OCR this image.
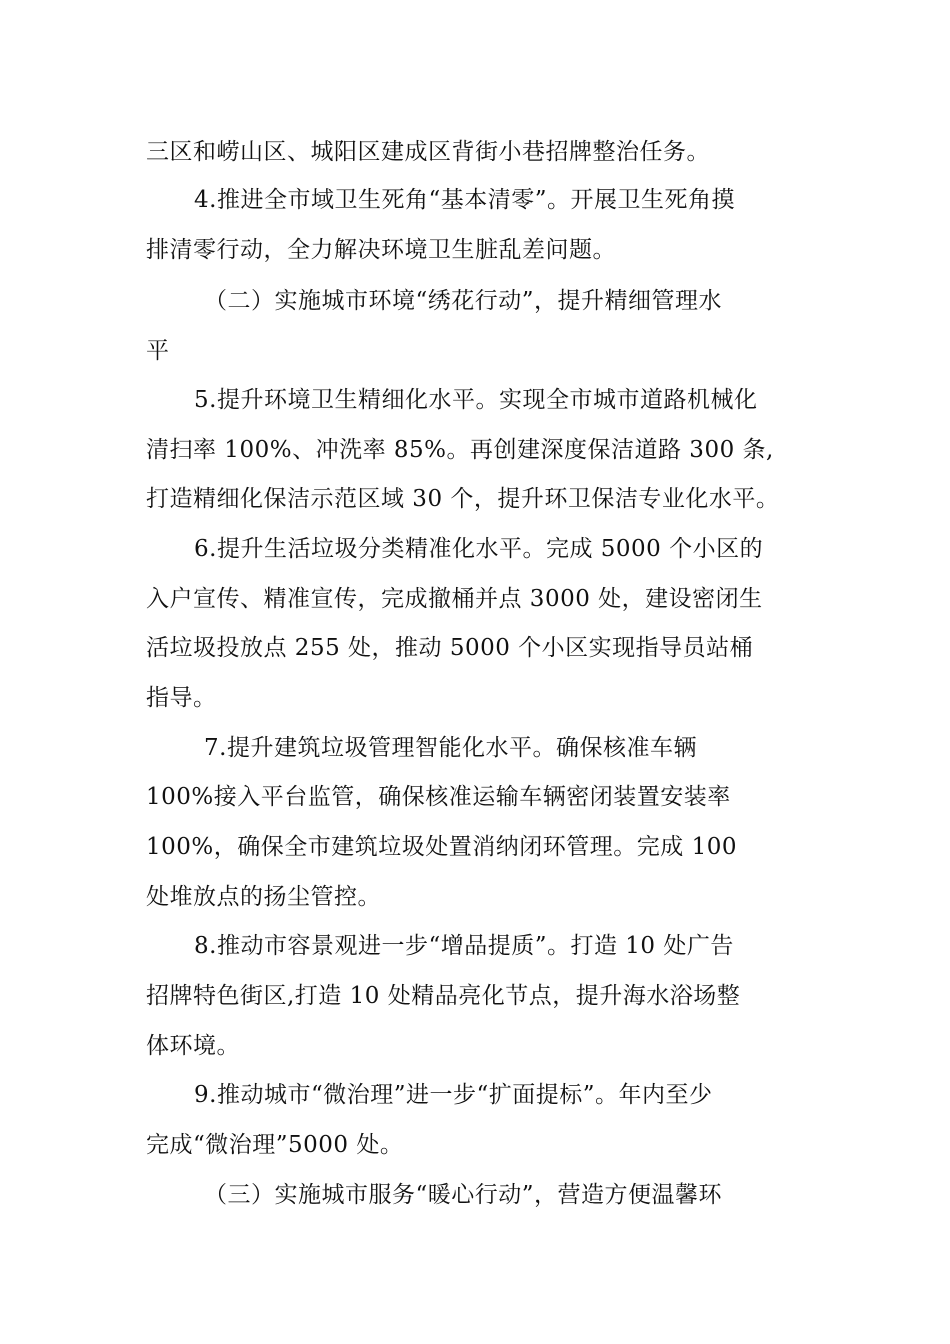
三区和崂山区、城阳区建成区背街小巷招牌整治任务。
4.推进全市域卫生死角“基本清零”。开展卫生死角摸
排清零行动，全力解决环境卫生脏乱差问题。
（二）实施城市环境“绣花行动”，提升精细管理水
平
5.提升环境卫生精细化水平。实现全市城市道路机械化
清扫率 100%、冲洗率 85%。再创建深度保洁道路 300 条,
打造精细化保洁示范区域 30 个，提升环卫保洁专业化水平。
6.提升生活垃圾分类精准化水平。完成 5000 个小区的
入户宣传、精准宣传，完成撤桶并点 3000 处，建设密闭生
活垃圾投放点 255 处，推动 5000 个小区实现指导员站桶
指导。
7.提升建筑垃圾管理智能化水平。确保核准车辆
100%接入平台监管，确保核准运输车辆密闭装置安装率
100%，确保全市建筑垃圾处置消纳闭环管理。完成 100
处堆放点的扬尘管控。
8.推动市容景观进一步“增品提质”。打造 10 处广告
招牌特色街区,打造 10 处精品亮化节点，提升海水浴场整
体环境。
9.推动城市“微治理”进一步“扩面提标”。年内至少
完成“微治理”5000 处。
（三）实施城市服务“暖心行动”，营造方便温馨环
